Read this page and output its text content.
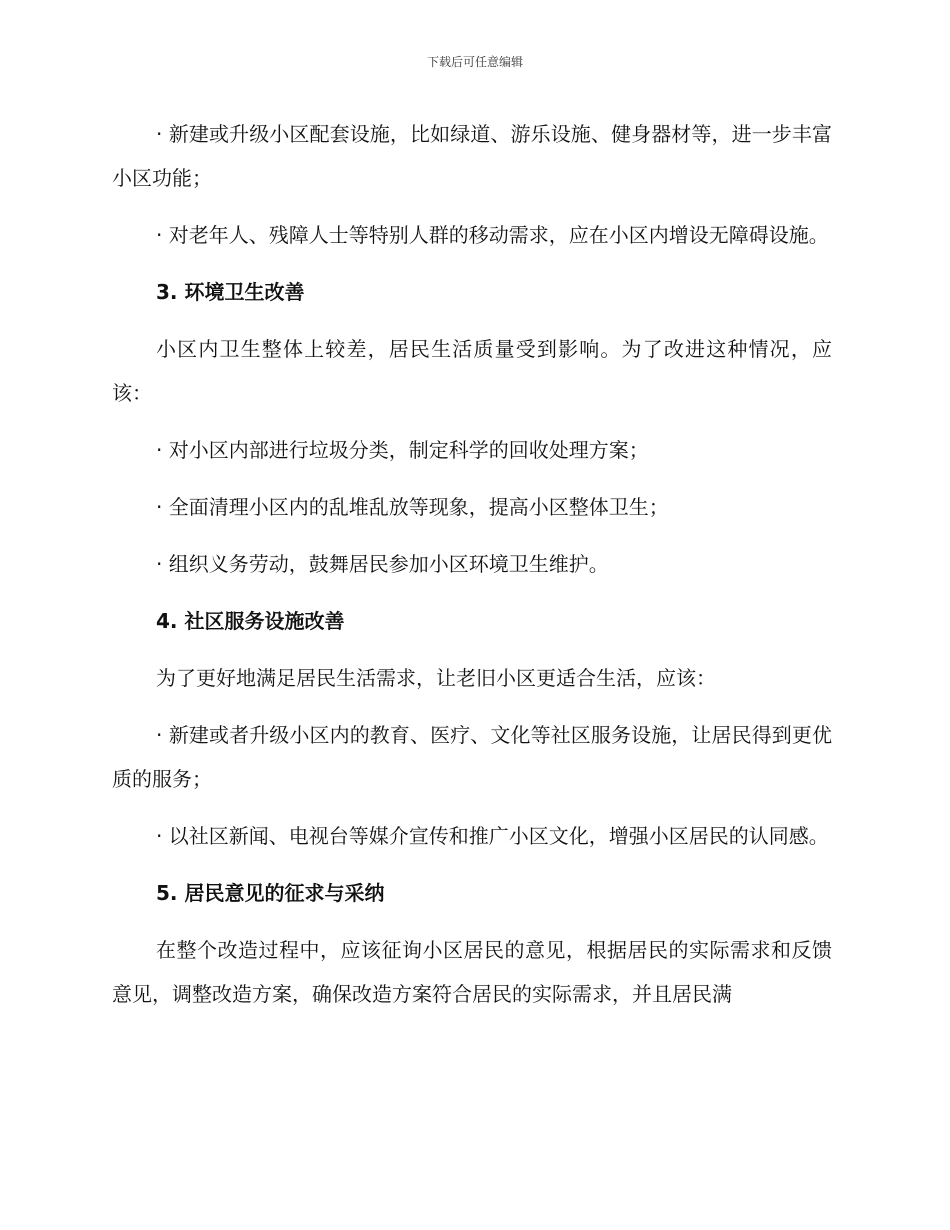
下载后可任意编辑

· 新建或升级小区配套设施，比如绿道、游乐设施、健身器材等，进一步丰富小区功能；

· 对老年人、残障人士等特别人群的移动需求，应在小区内增设无障碍设施。

3. 环境卫生改善

小区内卫生整体上较差，居民生活质量受到影响。为了改进这种情况，应该：

· 对小区内部进行垃圾分类，制定科学的回收处理方案；

· 全面清理小区内的乱堆乱放等现象，提高小区整体卫生；

· 组织义务劳动，鼓舞居民参加小区环境卫生维护。

4. 社区服务设施改善

为了更好地满足居民生活需求，让老旧小区更适合生活，应该：

· 新建或者升级小区内的教育、医疗、文化等社区服务设施，让居民得到更优质的服务；

· 以社区新闻、电视台等媒介宣传和推广小区文化，增强小区居民的认同感。

5. 居民意见的征求与采纳

在整个改造过程中，应该征询小区居民的意见，根据居民的实际需求和反馈意见，调整改造方案，确保改造方案符合居民的实际需求，并且居民满
